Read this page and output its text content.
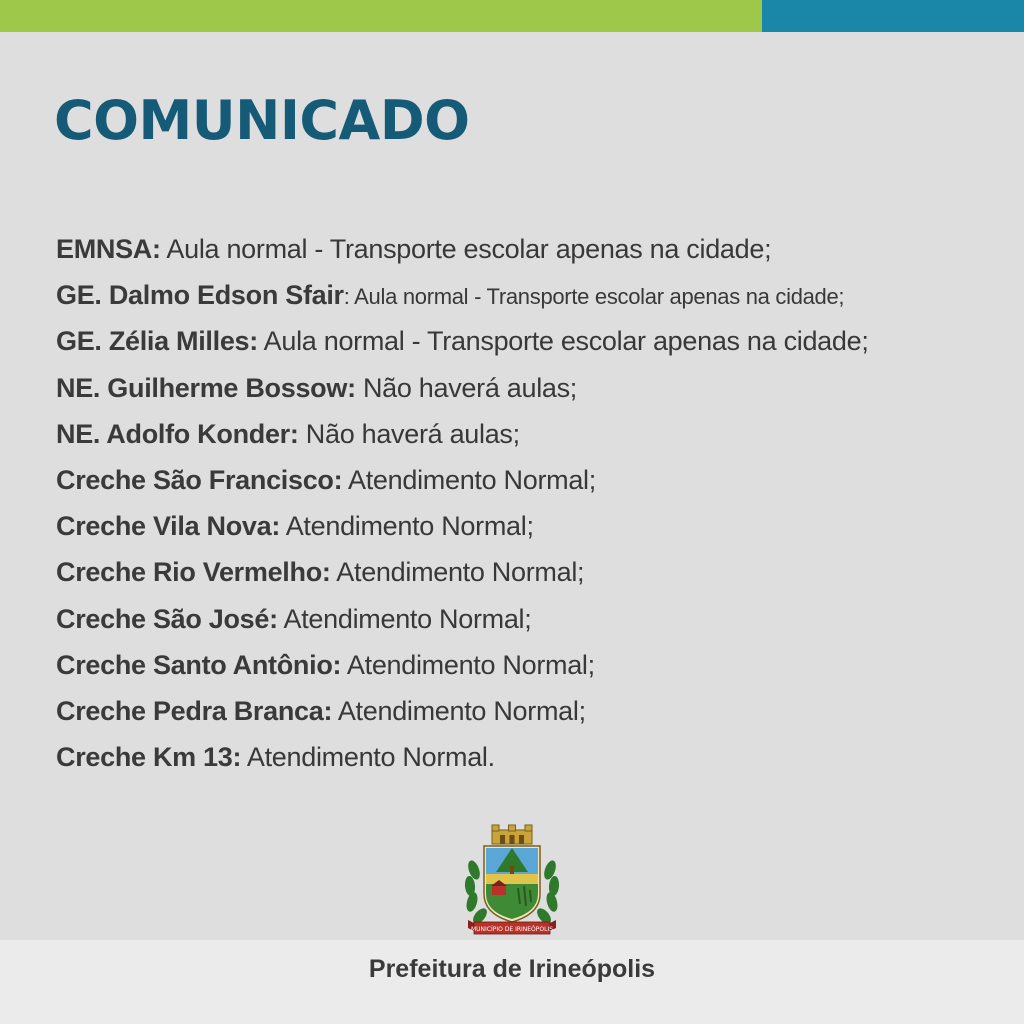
COMUNICADO
EMNSA: Aula normal - Transporte escolar apenas na cidade;
GE. Dalmo Edson Sfair: Aula normal - Transporte escolar apenas na cidade;
GE. Zélia Milles: Aula normal - Transporte escolar apenas na cidade;
NE. Guilherme Bossow: Não haverá aulas;
NE. Adolfo Konder: Não haverá aulas;
Creche São Francisco: Atendimento Normal;
Creche Vila Nova: Atendimento Normal;
Creche Rio Vermelho: Atendimento Normal;
Creche São José: Atendimento Normal;
Creche Santo Antônio: Atendimento Normal;
Creche Pedra Branca: Atendimento Normal;
Creche Km 13: Atendimento Normal.
MUNICÍPIO DE IRINEÓPOLIS
Prefeitura de Irineópolis
